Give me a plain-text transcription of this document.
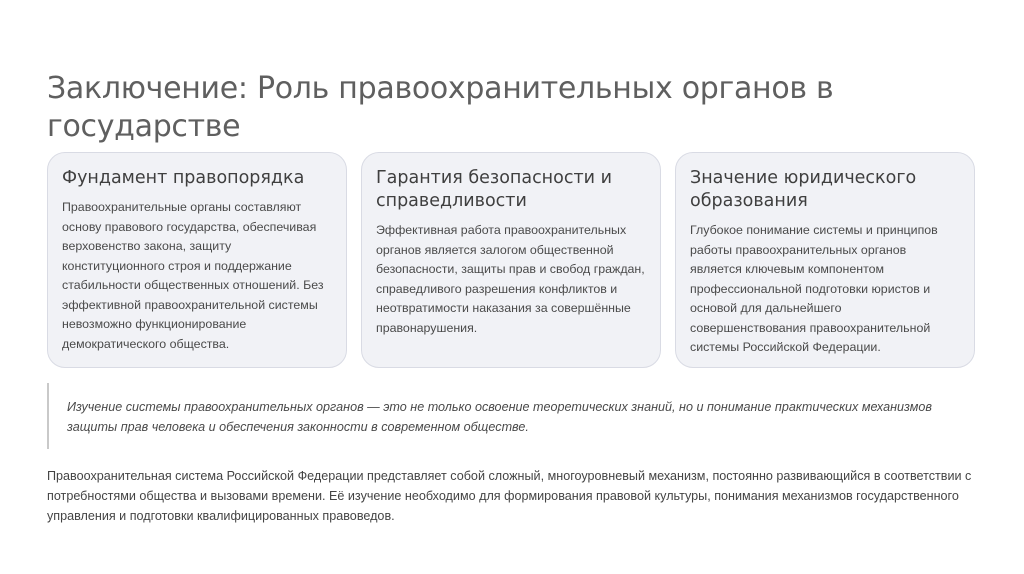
Заключение: Роль правоохранительных органов в государстве
Фундамент правопорядка

Правоохранительные органы составляют основу правового государства, обеспечивая верховенство закона, защиту конституционного строя и поддержание стабильности общественных отношений. Без эффективной правоохранительной системы невозможно функционирование демократического общества.

Гарантия безопасности и справедливости

Эффективная работа правоохранительных органов является залогом общественной безопасности, защиты прав и свобод граждан, справедливого разрешения конфликтов и неотвратимости наказания за совершённые правонарушения.

Значение юридического образования

Глубокое понимание системы и принципов работы правоохранительных органов является ключевым компонентом профессиональной подготовки юристов и основой для дальнейшего совершенствования правоохранительной системы Российской Федерации.

Изучение системы правоохранительных органов — это не только освоение теоретических знаний, но и понимание практических механизмов защиты прав человека и обеспечения законности в современном обществе.

Правоохранительная система Российской Федерации представляет собой сложный, многоуровневый механизм, постоянно развивающийся в соответствии с потребностями общества и вызовами времени. Её изучение необходимо для формирования правовой культуры, понимания механизмов государственного управления и подготовки квалифицированных правоведов.
